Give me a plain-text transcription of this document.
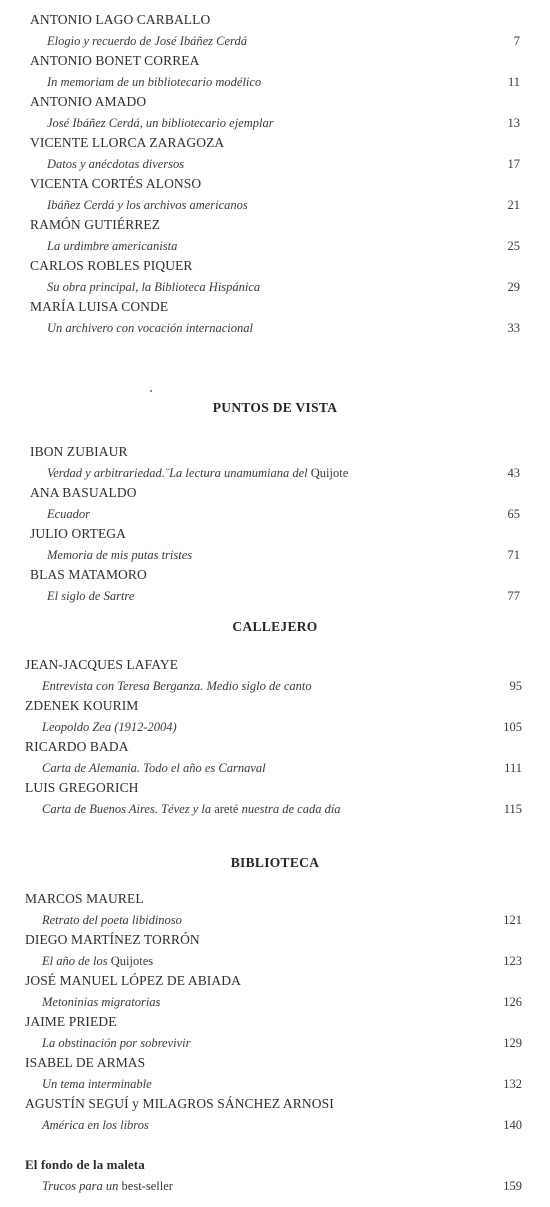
ANTONIO LAGO CARBALLO
Elogio y recuerdo de José Ibáñez Cerdá	7
ANTONIO BONET CORREA
In memoriam de un bibliotecario modélico	11
ANTONIO AMADO
José Ibáñez Cerdá, un bibliotecario ejemplar	13
VICENTE LLORCA ZARAGOZA
Datos y anécdotas diversos	17
VICENTA CORTÉS ALONSO
Ibáñez Cerdá y los archivos americanos	21
RAMÓN GUTIÉRREZ
La urdimbre americanista	25
CARLOS ROBLES PIQUER
Su obra principal, la Biblioteca Hispánica	29
MARÍA LUISA CONDE
Un archivero con vocación internacional	33
PUNTOS DE VISTA
IBON ZUBIAUR
Verdad y arbitrariedad.¨La lectura unamumiana del Quijote	43
ANA BASUALDO
Ecuador	65
JULIO ORTEGA
Memoria de mis putas tristes	71
BLAS MATAMORO
El siglo de Sartre	77
CALLEJERO
JEAN-JACQUES LAFAYE
Entrevista con Teresa Berganza. Medio siglo de canto	95
ZDENEK KOURIM
Leopoldo Zea (1912-2004)	105
RICARDO BADA
Carta de Alemania. Todo el año es Carnaval	111
LUIS GREGORICH
Carta de Buenos Aires. Tévez y la areté nuestra de cada día	115
BIBLIOTECA
MARCOS MAUREL
Retrato del poeta libidinoso	121
DIEGO MARTÍNEZ TORRÓN
El año de los Quijotes	123
JOSÉ MANUEL LÓPEZ DE ABIADA
Metoninias migratorias	126
JAIME PRIEDE
La obstinación por sobrevivir	129
ISABEL DE ARMAS
Un tema interminable	132
AGUSTÍN SEGUÍ y MILAGROS SÁNCHEZ ARNOSI
América en los libros	140
El fondo de la maleta
Trucos para un best-seller	159
